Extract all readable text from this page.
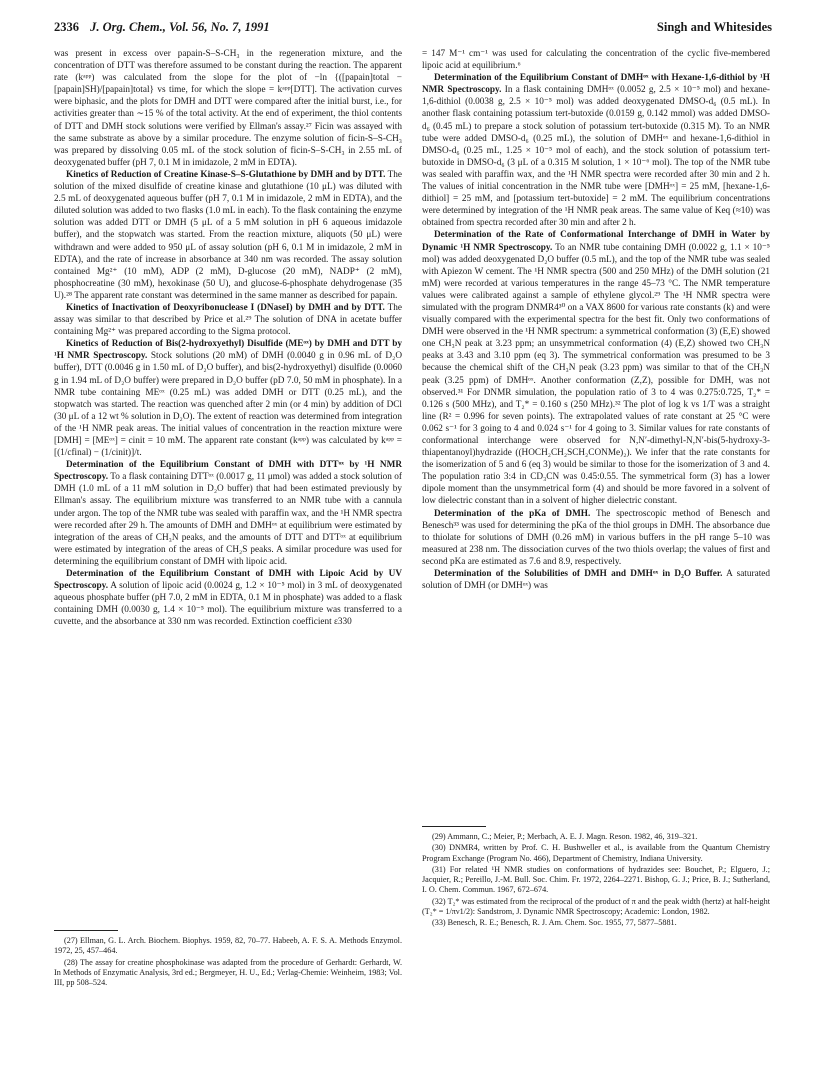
2336 J. Org. Chem., Vol. 56, No. 7, 1991	Singh and Whitesides

was present in excess over papain-S–S-CH₃ in the regeneration mixture, and the concentration of DTT was therefore assumed to be constant during the reaction. The apparent rate (kᵃᵖᵖ) was calculated from the slope for the plot of −ln {([papain]total − [papain]SH)/[papain]total} vs time, for which the slope = kᵃᵖᵖ[DTT]. The activation curves were biphasic, and the plots for DMH and DTT were compared after the initial burst, i.e., for activities greater than ∼15 % of the total activity. At the end of experiment, the thiol contents of DTT and DMH stock solutions were verified by Ellman's assay.²⁷ Ficin was assayed with the same substrate as above by a similar procedure. The enzyme solution of ficin-S–S-CH₃ was prepared by dissolving 0.05 mL of the stock solution of ficin-S–S-CH₃ in 2.55 mL of deoxygenated buffer (pH 7, 0.1 M in imidazole, 2 mM in EDTA).

Kinetics of Reduction of Creatine Kinase-S–S-Glutathione by DMH and by DTT. The solution of the mixed disulfide of creatine kinase and glutathione (10 μL) was diluted with 2.5 mL of deoxygenated aqueous buffer (pH 7, 0.1 M in imidazole, 2 mM in EDTA), and the diluted solution was added to two flasks (1.0 mL in each). To the flask containing the enzyme solution was added DTT or DMH (5 μL of a 5 mM solution in pH 6 aqueous imidazole buffer), and the stopwatch was started. From the reaction mixture, aliquots (50 μL) were withdrawn and were added to 950 μL of assay solution (pH 6, 0.1 M in imidazole, 2 mM in EDTA), and the rate of increase in absorbance at 340 nm was recorded. The assay solution contained Mg²⁺ (10 mM), ADP (2 mM), D-glucose (20 mM), NADP⁺ (2 mM), phosphocreatine (30 mM), hexokinase (50 U), and glucose-6-phosphate dehydrogenase (35 U).²⁸ The apparent rate constant was determined in the same manner as described for papain.

Kinetics of Inactivation of Deoxyribonuclease I (DNaseI) by DMH and by DTT. The assay was similar to that described by Price et al.²⁹ The solution of DNA in acetate buffer containing Mg²⁺ was prepared according to the Sigma protocol.

Kinetics of Reduction of Bis(2-hydroxyethyl) Disulfide (MEᵒˣ) by DMH and DTT by ¹H NMR Spectroscopy. Stock solutions (20 mM) of DMH (0.0040 g in 0.96 mL of D₂O buffer), DTT (0.0046 g in 1.50 mL of D₂O buffer), and bis(2-hydroxyethyl) disulfide (0.0060 g in 1.94 mL of D₂O buffer) were prepared in D₂O buffer (pD 7.0, 50 mM in phosphate). In a NMR tube containing MEᵒˣ (0.25 mL) was added DMH or DTT (0.25 mL), and the stopwatch was started. The reaction was quenched after 2 min (or 4 min) by addition of DCl (30 μL of a 12 wt % solution in D₂O). The extent of reaction was determined from integration of the ¹H NMR peak areas. The initial values of concentration in the reaction mixture were [DMH] = [MEᵒˣ] = cinit = 10 mM. The apparent rate constant (kᵃᵖᵖ) was calculated by kᵃᵖᵖ = [(1/cfinal) − (1/cinit)]/t.

Determination of the Equilibrium Constant of DMH with DTTᵒˣ by ¹H NMR Spectroscopy. To a flask containing DTTᵒˣ (0.0017 g, 11 μmol) was added a stock solution of DMH (1.0 mL of a 11 mM solution in D₂O buffer) that had been estimated previously by Ellman's assay. The equilibrium mixture was transferred to an NMR tube with a cannula under argon. The top of the NMR tube was sealed with paraffin wax, and the ¹H NMR spectra were recorded after 29 h. The amounts of DMH and DMHᵒˣ at equilibrium were estimated by integration of the areas of CH₃N peaks, and the amounts of DTT and DTTᵒˣ at equilibrium were estimated by integration of the areas of CH₂S peaks. A similar procedure was used for determining the equilibrium constant of DMH with lipoic acid.

Determination of the Equilibrium Constant of DMH with Lipoic Acid by UV Spectroscopy. A solution of lipoic acid (0.0024 g, 1.2 × 10⁻⁵ mol) in 3 mL of deoxygenated aqueous phosphate buffer (pH 7.0, 2 mM in EDTA, 0.1 M in phosphate) was added to a flask containing DMH (0.0030 g, 1.4 × 10⁻⁵ mol). The equilibrium mixture was transferred to a cuvette, and the absorbance at 330 nm was recorded. Extinction coefficient ε330

= 147 M⁻¹ cm⁻¹ was used for calculating the concentration of the cyclic five-membered lipoic acid at equilibrium.⁶

Determination of the Equilibrium Constant of DMHᵒˣ with Hexane-1,6-dithiol by ¹H NMR Spectroscopy. In a flask containing DMHᵒˣ (0.0052 g, 2.5 × 10⁻⁵ mol) and hexane-1,6-dithiol (0.0038 g, 2.5 × 10⁻⁵ mol) was added deoxygenated DMSO-d₆ (0.5 mL). In another flask containing potassium tert-butoxide (0.0159 g, 0.142 mmol) was added DMSO-d₆ (0.45 mL) to prepare a stock solution of potassium tert-butoxide (0.315 M). To an NMR tube were added DMSO-d₆ (0.25 mL), the solution of DMHᵒˣ and hexane-1,6-dithiol in DMSO-d₆ (0.25 mL, 1.25 × 10⁻⁵ mol of each), and the stock solution of potassium tert-butoxide in DMSO-d₆ (3 μL of a 0.315 M solution, 1 × 10⁻⁶ mol). The top of the NMR tube was sealed with paraffin wax, and the ¹H NMR spectra were recorded after 30 min and 2 h. The values of initial concentration in the NMR tube were [DMHᵒˣ] = 25 mM, [hexane-1,6-dithiol] = 25 mM, and [potassium tert-butoxide] = 2 mM. The equilibrium concentrations were determined by integration of the ¹H NMR peak areas. The same value of Keq (≈10) was obtained from spectra recorded after 30 min and after 2 h.

Determination of the Rate of Conformational Interchange of DMH in Water by Dynamic ¹H NMR Spectroscopy. To an NMR tube containing DMH (0.0022 g, 1.1 × 10⁻⁵ mol) was added deoxygenated D₂O buffer (0.5 mL), and the top of the NMR tube was sealed with Apiezon W cement. The ¹H NMR spectra (500 and 250 MHz) of the DMH solution (21 mM) were recorded at various temperatures in the range 45–73 °C. The NMR temperature values were calibrated against a sample of ethylene glycol.²⁹ The ¹H NMR spectra were simulated with the program DNMR4³⁰ on a VAX 8600 for various rate constants (k) and were visually compared with the experimental spectra for the best fit. Only two conformations of DMH were observed in the ¹H NMR spectrum: a symmetrical conformation (3) (E,E) showed one CH₃N peak at 3.23 ppm; an unsymmetrical conformation (4) (E,Z) showed two CH₃N peaks at 3.43 and 3.10 ppm (eq 3). The symmetrical conformation was presumed to be 3 because the chemical shift of the CH₃N peak (3.23 ppm) was similar to that of the CH₃N peak (3.25 ppm) of DMHᵒˣ. Another conformation (Z,Z), possible for DMH, was not observed.³¹ For DNMR simulation, the population ratio of 3 to 4 was 0.275:0.725, T₂* = 0.126 s (500 MHz), and T₂* = 0.160 s (250 MHz).³² The plot of log k vs 1/T was a straight line (R² = 0.996 for seven points). The extrapolated values of rate constant at 25 °C were 0.062 s⁻¹ for 3 going to 4 and 0.024 s⁻¹ for 4 going to 3. Similar values for rate constants of conformational interchange were observed for N,N′-dimethyl-N,N′-bis(5-hydroxy-3-thiapentanoyl)hydrazide ((HOCH₂CH₂SCH₂CONMe)₂). We infer that the rate constants for the isomerization of 5 and 6 (eq 3) would be similar to those for the isomerization of 3 and 4. The population ratio 3:4 in CD₃CN was 0.45:0.55. The symmetrical form (3) has a lower dipole moment than the unsymmetrical form (4) and should be more favored in a solvent of low dielectric constant than in a solvent of higher dielectric constant.

Determination of the pKa of DMH. The spectroscopic method of Benesch and Benesch³³ was used for determining the pKa of the thiol groups in DMH. The absorbance due to thiolate for solutions of DMH (0.26 mM) in various buffers in the pH range 5–10 was measured at 238 nm. The dissociation curves of the two thiols overlap; the values of first and second pKa are estimated as 7.6 and 8.9, respectively.

Determination of the Solubilities of DMH and DMHᵒˣ in D₂O Buffer. A saturated solution of DMH (or DMHᵒˣ) was

(27) Ellman, G. L. Arch. Biochem. Biophys. 1959, 82, 70–77. Habeeb, A. F. S. A. Methods Enzymol. 1972, 25, 457–464.

(28) The assay for creatine phosphokinase was adapted from the procedure of Gerhardt: Gerhardt, W. In Methods of Enzymatic Analysis, 3rd ed.; Bergmeyer, H. U., Ed.; Verlag-Chemie: Weinheim, 1983; Vol. III, pp 508–524.

(29) Ammann, C.; Meier, P.; Merbach, A. E. J. Magn. Reson. 1982, 46, 319–321.

(30) DNMR4, written by Prof. C. H. Bushweller et al., is available from the Quantum Chemistry Program Exchange (Program No. 466), Department of Chemistry, Indiana University.

(31) For related ¹H NMR studies on conformations of hydrazides see: Bouchet, P.; Elguero, J.; Jacquier, R.; Pereillo, J.-M. Bull. Soc. Chim. Fr. 1972, 2264–2271. Bishop, G. J.; Price, B. J.; Sutherland, I. O. Chem. Commun. 1967, 672–674.

(32) T₂* was estimated from the reciprocal of the product of π and the peak width (hertz) at half-height (T₂* = 1/πν1/2): Sandstrom, J. Dynamic NMR Spectroscopy; Academic: London, 1982.

(33) Benesch, R. E.; Benesch, R. J. Am. Chem. Soc. 1955, 77, 5877–5881.
